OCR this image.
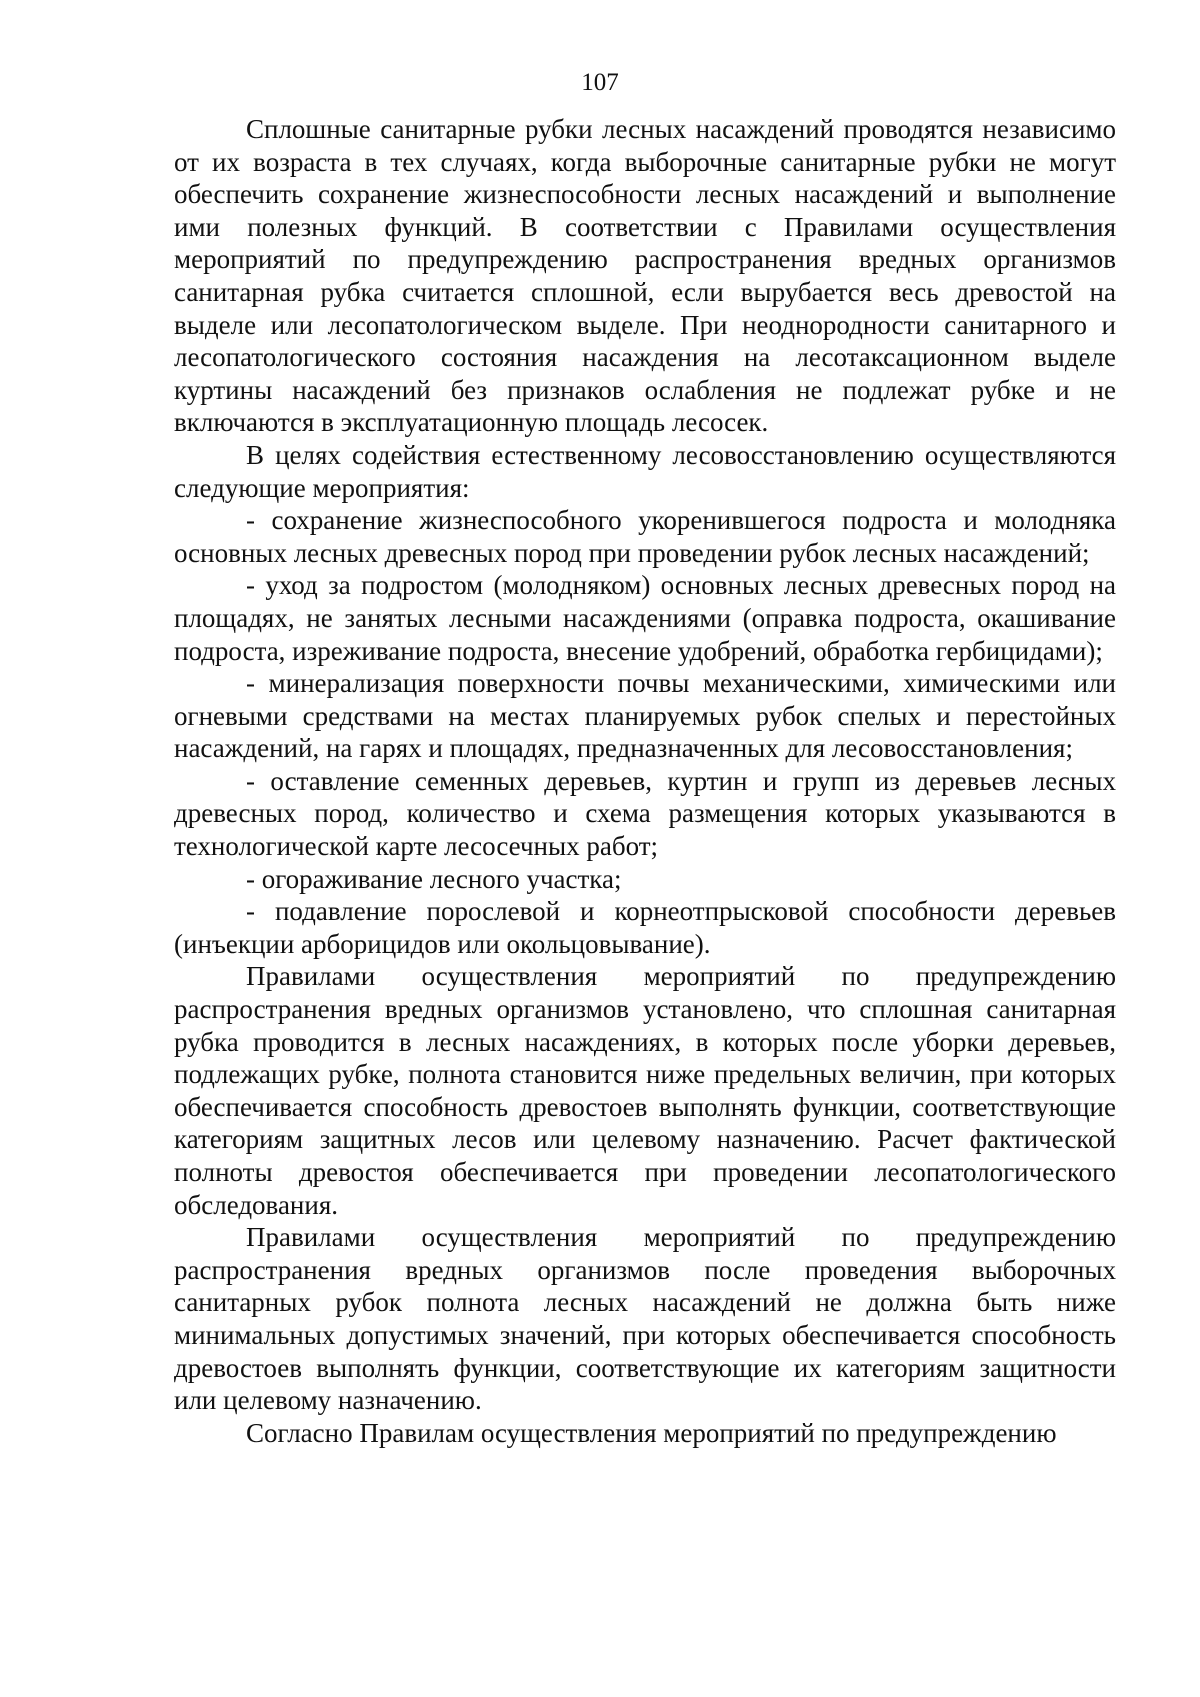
107

Сплошные санитарные рубки лесных насаждений проводятся независимо от их возраста в тех случаях, когда выборочные санитарные рубки не могут обеспечить сохранение жизнеспособности лесных насаждений и выполнение ими полезных функций. В соответствии с Правилами осуществления мероприятий по предупреждению распространения вредных организмов санитарная рубка считается сплошной, если вырубается весь древостой на выделе или лесопатологическом выделе. При неоднородности санитарного и лесопатологического состояния насаждения на лесотаксационном выделе куртины насаждений без признаков ослабления не подлежат рубке и не включаются в эксплуатационную площадь лесосек.

В целях содействия естественному лесовосстановлению осуществляются следующие мероприятия:

- сохранение жизнеспособного укоренившегося подроста и молодняка основных лесных древесных пород при проведении рубок лесных насаждений;

- уход за подростом (молодняком) основных лесных древесных пород на площадях, не занятых лесными насаждениями (оправка подроста, окашивание подроста, изреживание подроста, внесение удобрений, обработка гербицидами);

- минерализация поверхности почвы механическими, химическими или огневыми средствами на местах планируемых рубок спелых и перестойных насаждений, на гарях и площадях, предназначенных для лесовосстановления;

- оставление семенных деревьев, куртин и групп из деревьев лесных древесных пород, количество и схема размещения которых указываются в технологической карте лесосечных работ;

- огораживание лесного участка;

- подавление порослевой и корнеотпрысковой способности деревьев (инъекции арборицидов или окольцовывание).

Правилами осуществления мероприятий по предупреждению распространения вредных организмов установлено, что сплошная санитарная рубка проводится в лесных насаждениях, в которых после уборки деревьев, подлежащих рубке, полнота становится ниже предельных величин, при которых обеспечивается способность древостоев выполнять функции, соответствующие категориям защитных лесов или целевому назначению. Расчет фактической полноты древостоя обеспечивается при проведении лесопатологического обследования.

Правилами осуществления мероприятий по предупреждению распространения вредных организмов после проведения выборочных санитарных рубок полнота лесных насаждений не должна быть ниже минимальных допустимых значений, при которых обеспечивается способность древостоев выполнять функции, соответствующие их категориям защитности или целевому назначению.

Согласно Правилам осуществления мероприятий по предупреждению
